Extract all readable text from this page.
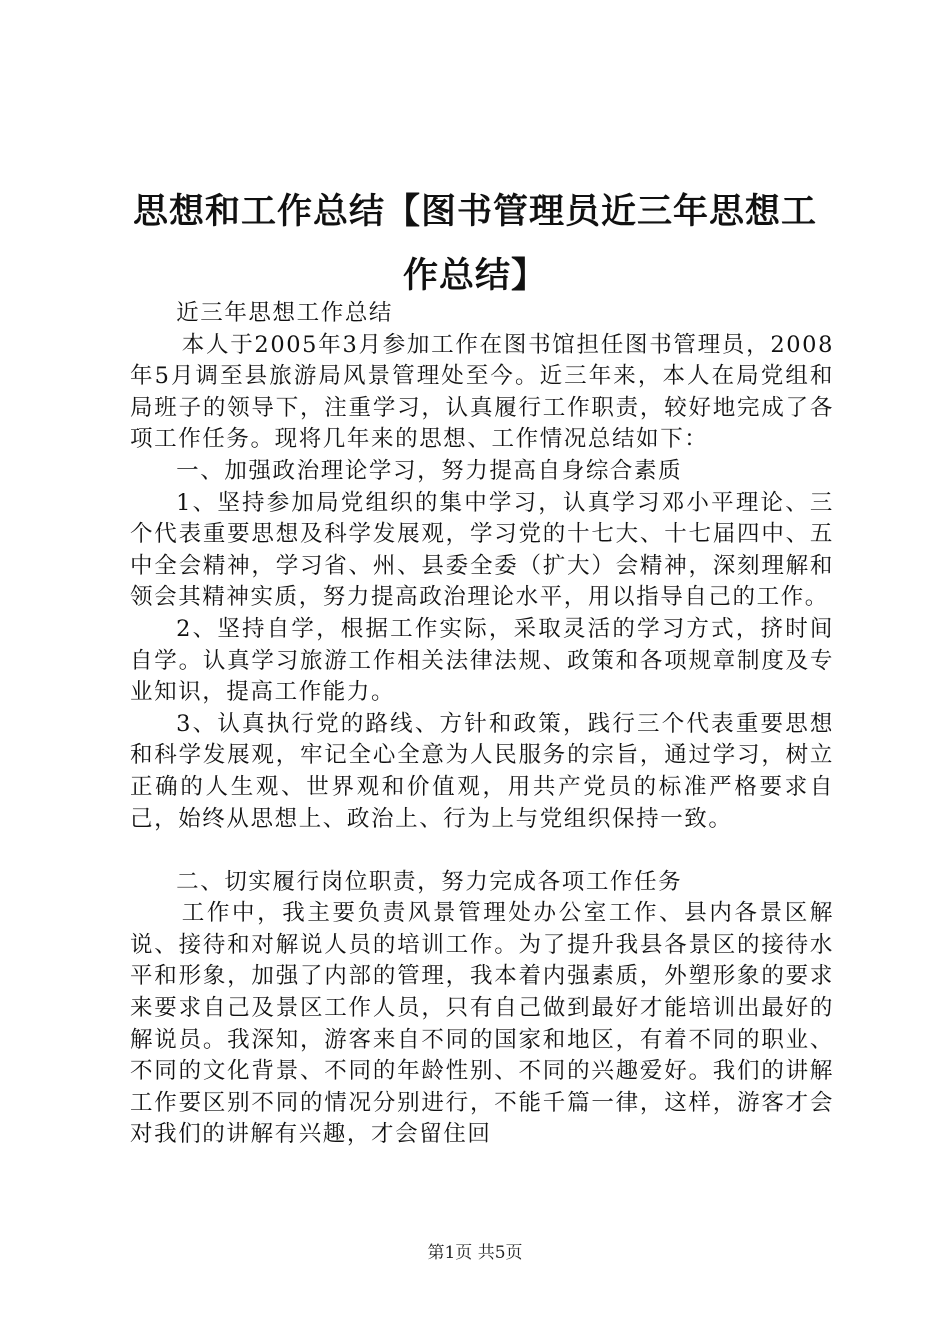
思想和工作总结【图书管理员近三年思想工作总结】

近三年思想工作总结

本人于2005年3月参加工作在图书馆担任图书管理员，2008年5月调至县旅游局风景管理处至今。近三年来，本人在局党组和局班子的领导下，注重学习，认真履行工作职责，较好地完成了各项工作任务。现将几年来的思想、工作情况总结如下：

一、加强政治理论学习，努力提高自身综合素质

1、坚持参加局党组织的集中学习，认真学习邓小平理论、三个代表重要思想及科学发展观，学习党的十七大、十七届四中、五中全会精神，学习省、州、县委全委（扩大）会精神，深刻理解和领会其精神实质，努力提高政治理论水平，用以指导自己的工作。

2、坚持自学，根据工作实际，采取灵活的学习方式，挤时间自学。认真学习旅游工作相关法律法规、政策和各项规章制度及专业知识，提高工作能力。

3、认真执行党的路线、方针和政策，践行三个代表重要思想和科学发展观，牢记全心全意为人民服务的宗旨，通过学习，树立正确的人生观、世界观和价值观，用共产党员的标准严格要求自己，始终从思想上、政治上、行为上与党组织保持一致。

二、切实履行岗位职责，努力完成各项工作任务

工作中，我主要负责风景管理处办公室工作、县内各景区解说、接待和对解说人员的培训工作。为了提升我县各景区的接待水平和形象，加强了内部的管理，我本着内强素质，外塑形象的要求来要求自己及景区工作人员，只有自己做到最好才能培训出最好的解说员。我深知，游客来自不同的国家和地区，有着不同的职业、不同的文化背景、不同的年龄性别、不同的兴趣爱好。我们的讲解工作要区别不同的情况分别进行，不能千篇一律，这样，游客才会对我们的讲解有兴趣，才会留住回

第1页 共5页
